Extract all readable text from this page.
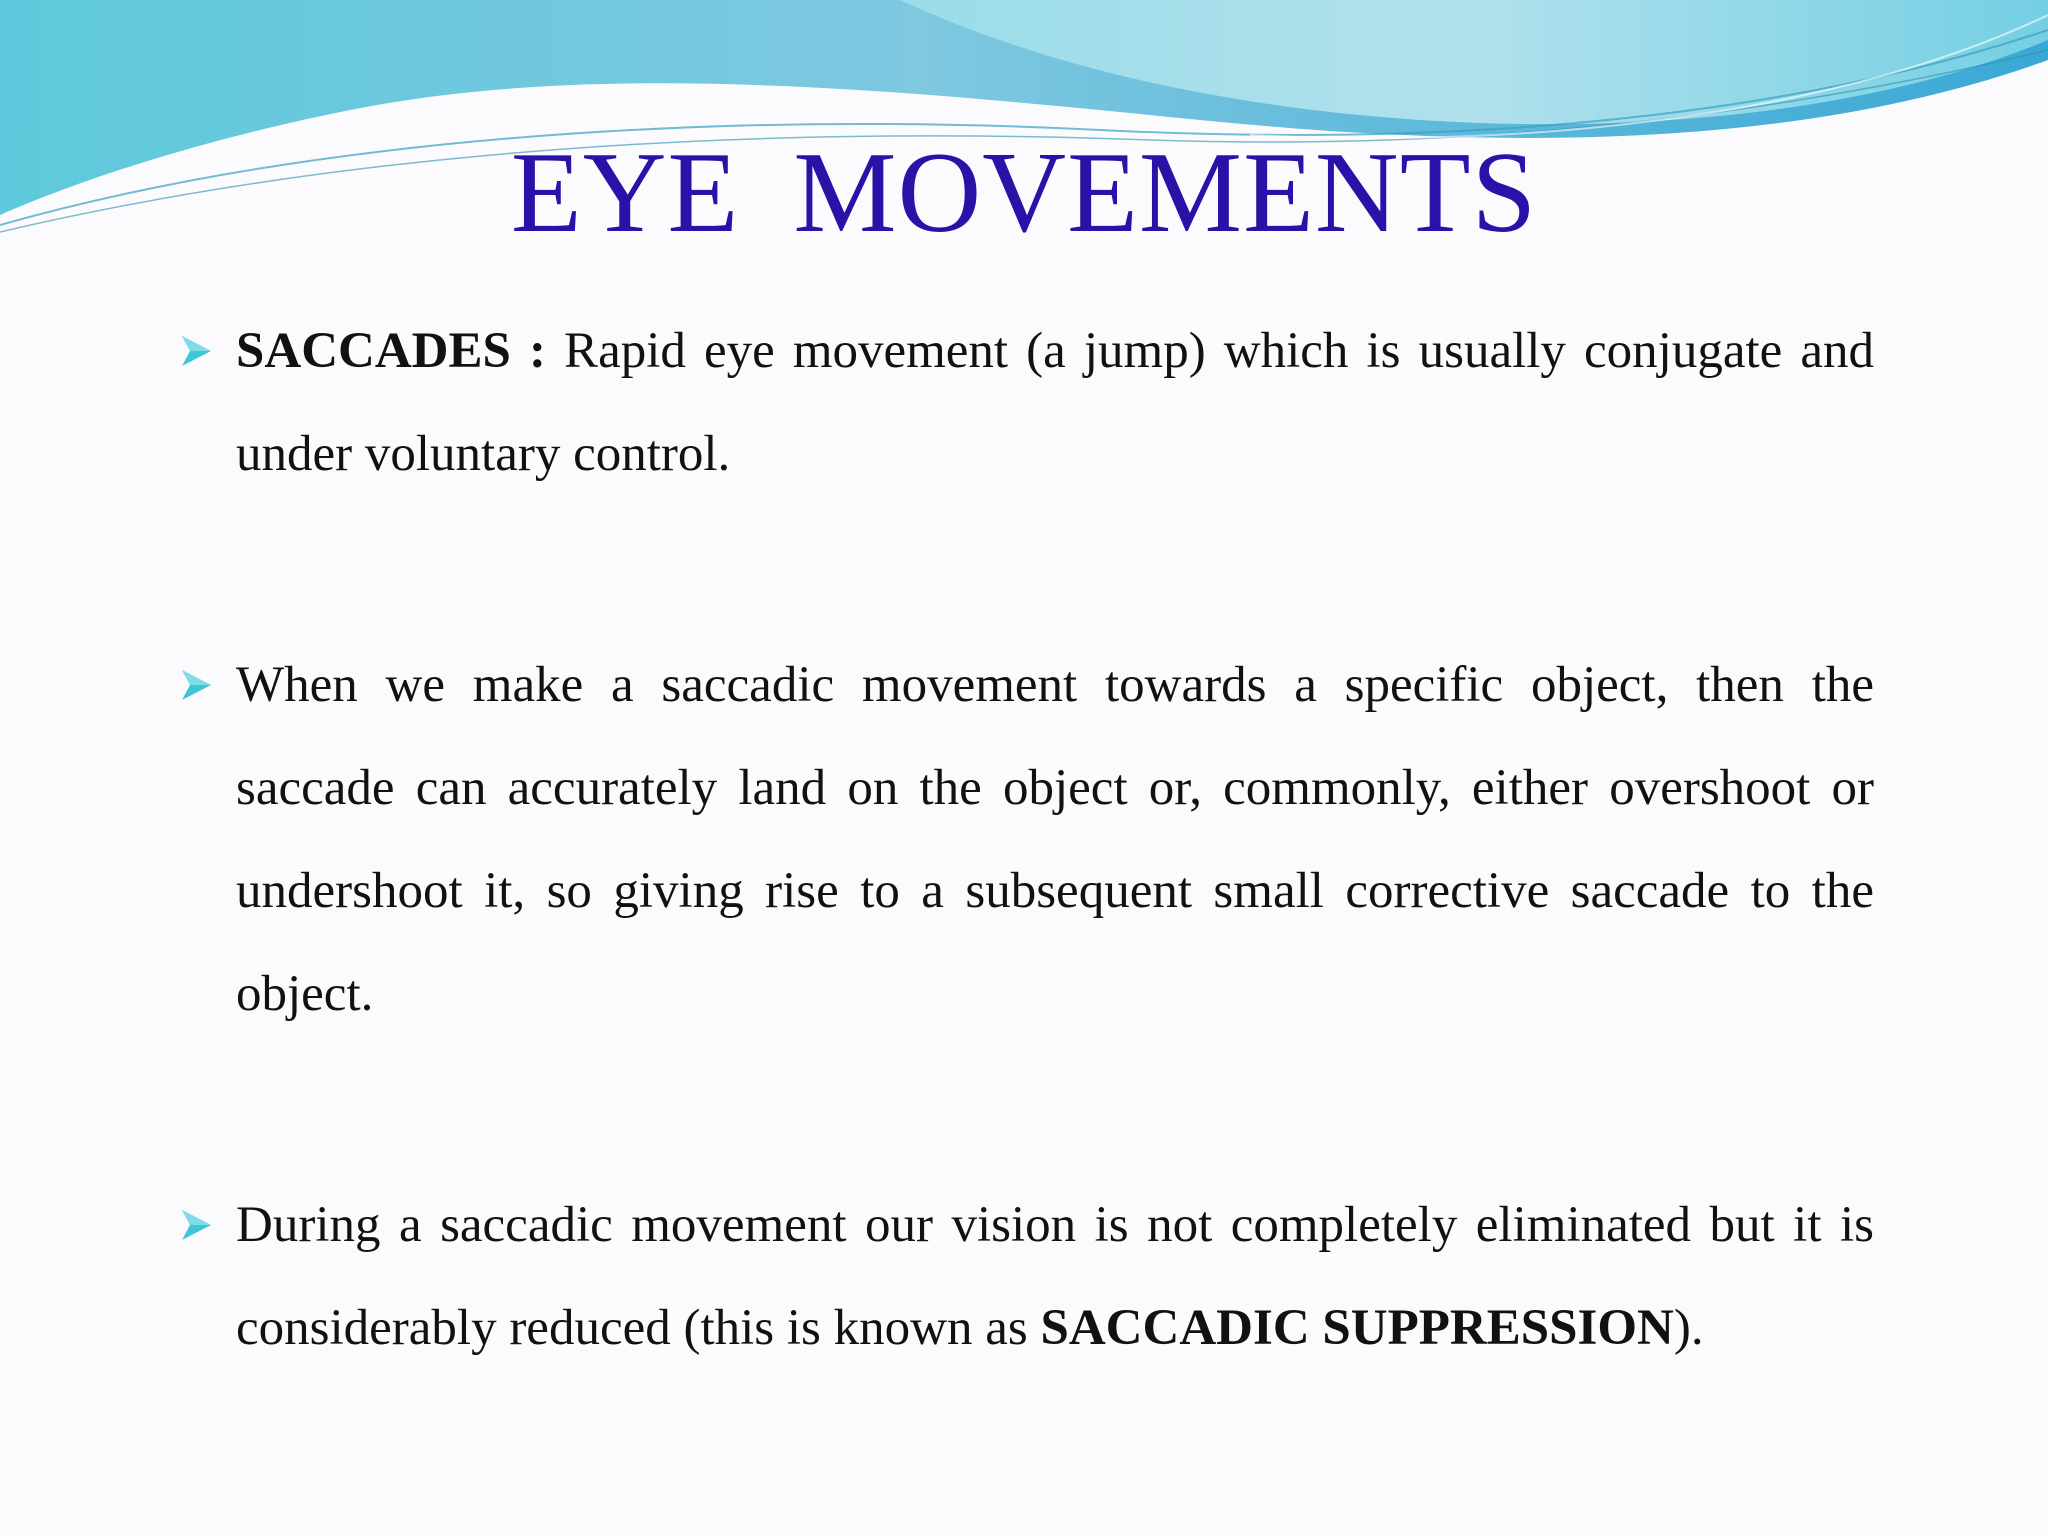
EYE MOVEMENTS
SACCADES : Rapid eye movement (a jump) which is usually conjugate and under voluntary control.
When we make a saccadic movement towards a specific object, then the saccade can accurately land on the object or, commonly, either overshoot or undershoot it, so giving rise to a subsequent small corrective saccade to the object.
During a saccadic movement our vision is not completely eliminated but it is considerably reduced (this is known as SACCADIC SUPPRESSION).
